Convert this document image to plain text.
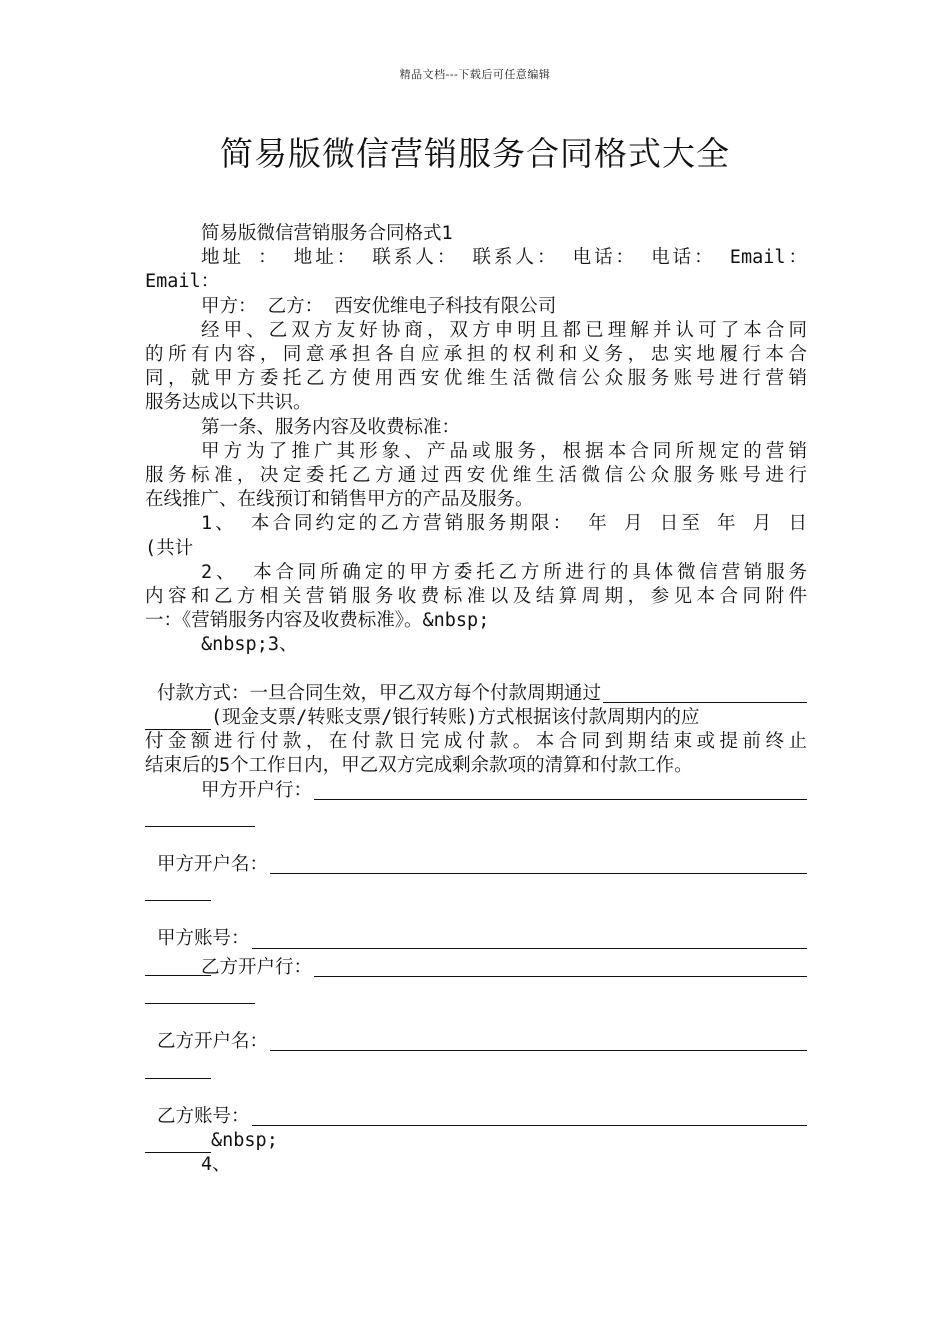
精品文档---下载后可任意编辑
简易版微信营销服务合同格式大全
简易版微信营销服务合同格式1
地址 ： 地址： 联系人： 联系人： 电话： 电话： Email：
Email：
甲方： 乙方： 西安优维电子科技有限公司
经甲、乙双方友好协商，双方申明且都已理解并认可了本合同
的所有内容，同意承担各自应承担的权利和义务，忠实地履行本合
同，就甲方委托乙方使用西安优维生活微信公众服务账号进行营销
服务达成以下共识。
第一条、服务内容及收费标准：
甲方为了推广其形象、产品或服务，根据本合同所规定的营销
服务标准，决定委托乙方通过西安优维生活微信公众服务账号进行
在线推广、在线预订和销售甲方的产品及服务。
1、 本合同约定的乙方营销服务期限： 年 月 日至 年 月 日
(共计
2、 本合同所确定的甲方委托乙方所进行的具体微信营销服务
内容和乙方相关营销服务收费标准以及结算周期，参见本合同附件
一：《营销服务内容及收费标准》。&nbsp;
&nbsp;3、
付款方式：一旦合同生效，甲乙双方每个付款周期通过
(现金支票/转账支票/银行转账)方式根据该付款周期内的应
付金额进行付款，在付款日完成付款。本合同到期结束或提前终止
结束后的5个工作日内，甲乙双方完成剩余款项的清算和付款工作。
甲方开户行：
甲方开户名：
甲方账号：
乙方开户行：
乙方开户名：
乙方账号：
&nbsp;
4、
